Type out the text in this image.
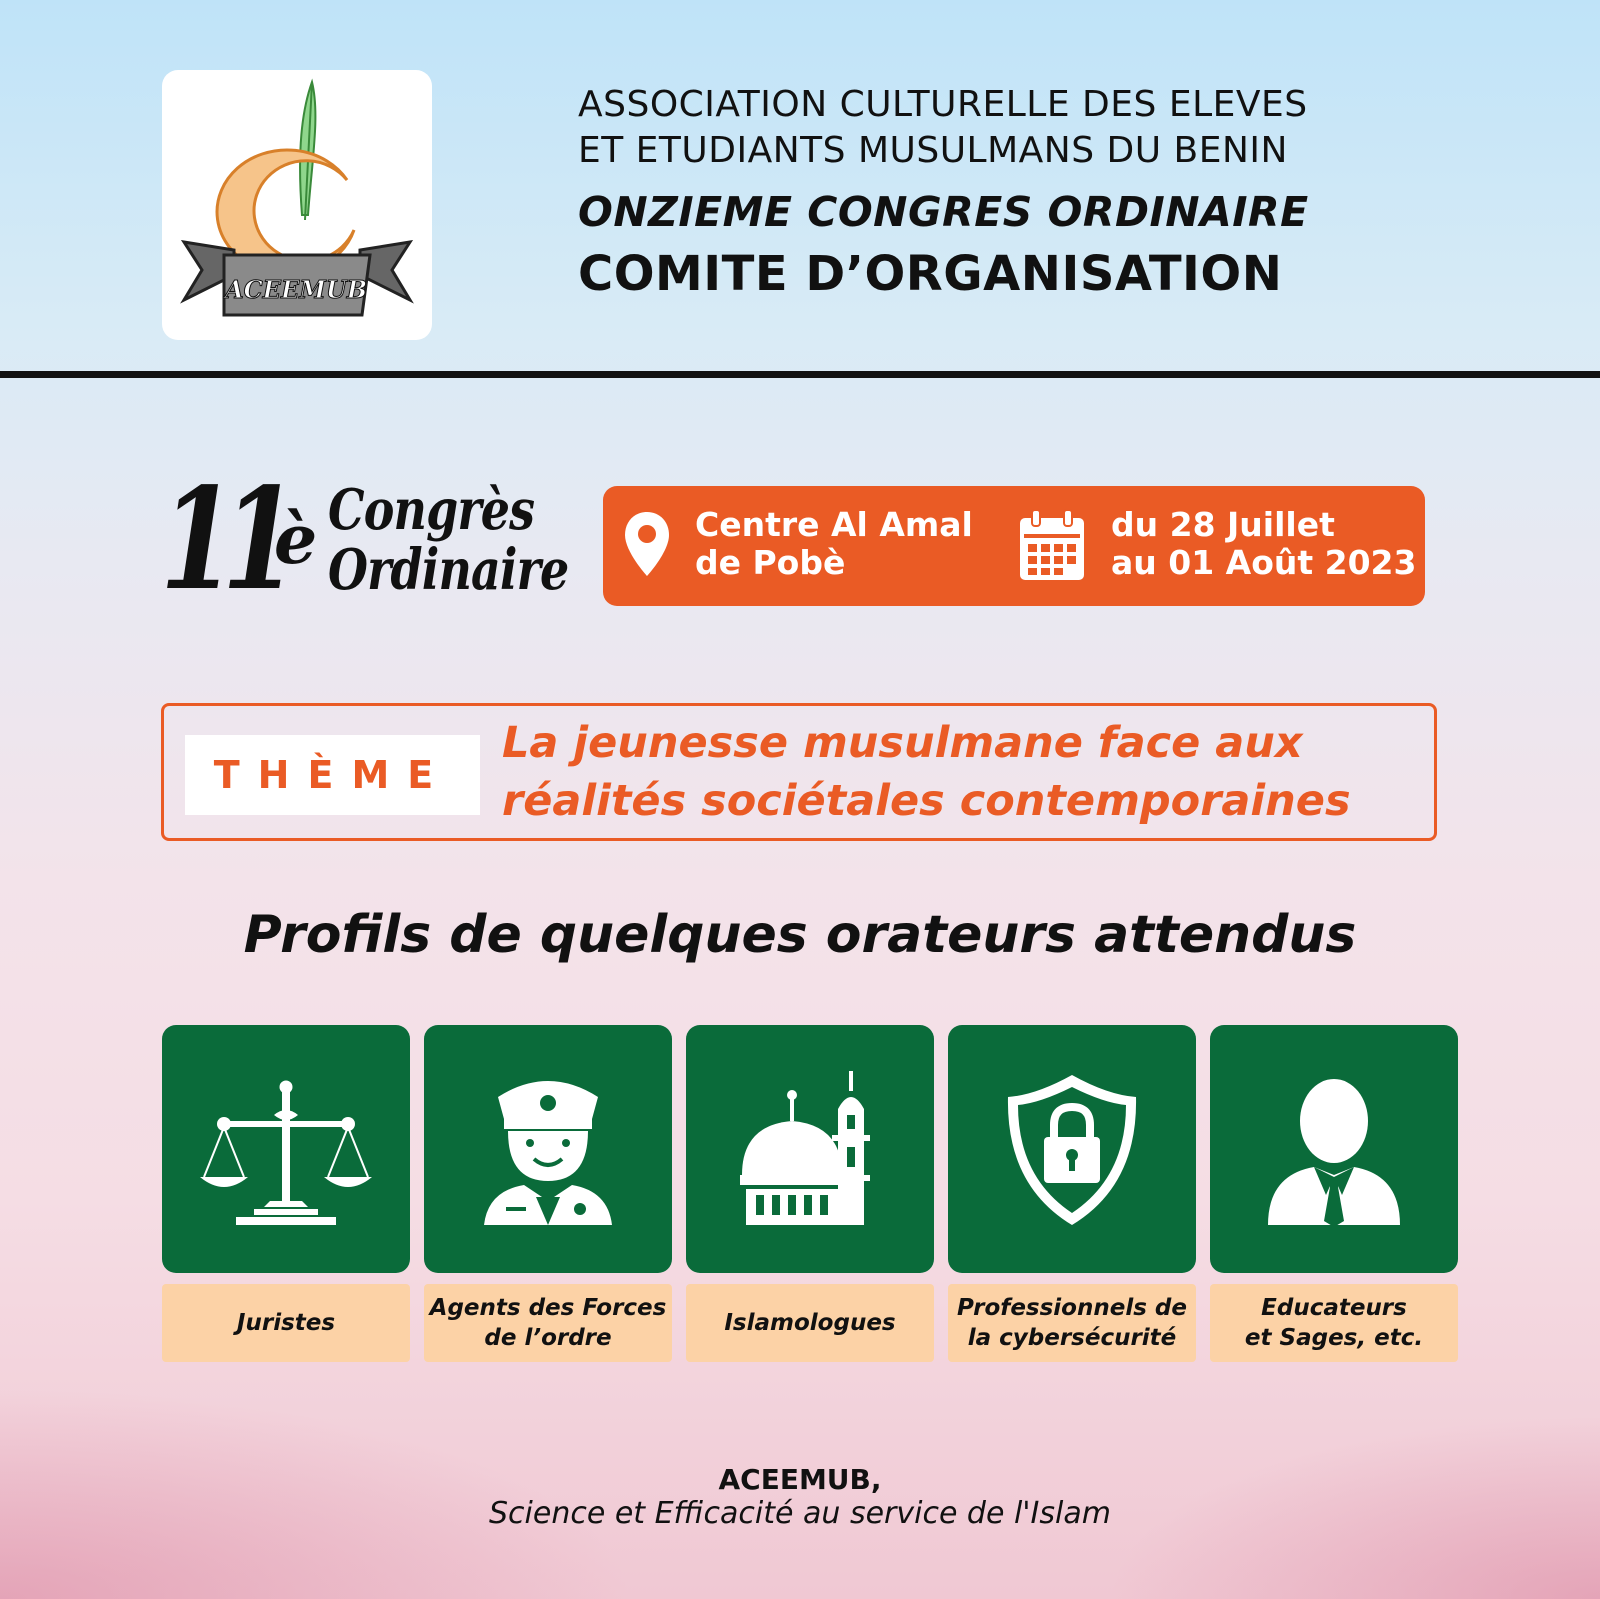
ACEEMUB
ASSOCIATION CULTURELLE DES ELEVES
ET ETUDIANTS MUSULMANS DU BENIN
ONZIEME CONGRES ORDINAIRE
COMITE D’ORGANISATION
11
è Congrès
Ordinaire
Centre Al Amal
de Pobè
du 28 Juillet
au 01 Août 2023
THÈME
La jeunesse musulmane face aux
réalités sociétales contemporaines
Profils de quelques orateurs attendus
Juristes
Agents des Forces
de l’ordre
Islamologues
Professionnels de
la cybersécurité
Educateurs
et Sages, etc.
ACEEMUB,
Science et Efficacité au service de l'Islam
